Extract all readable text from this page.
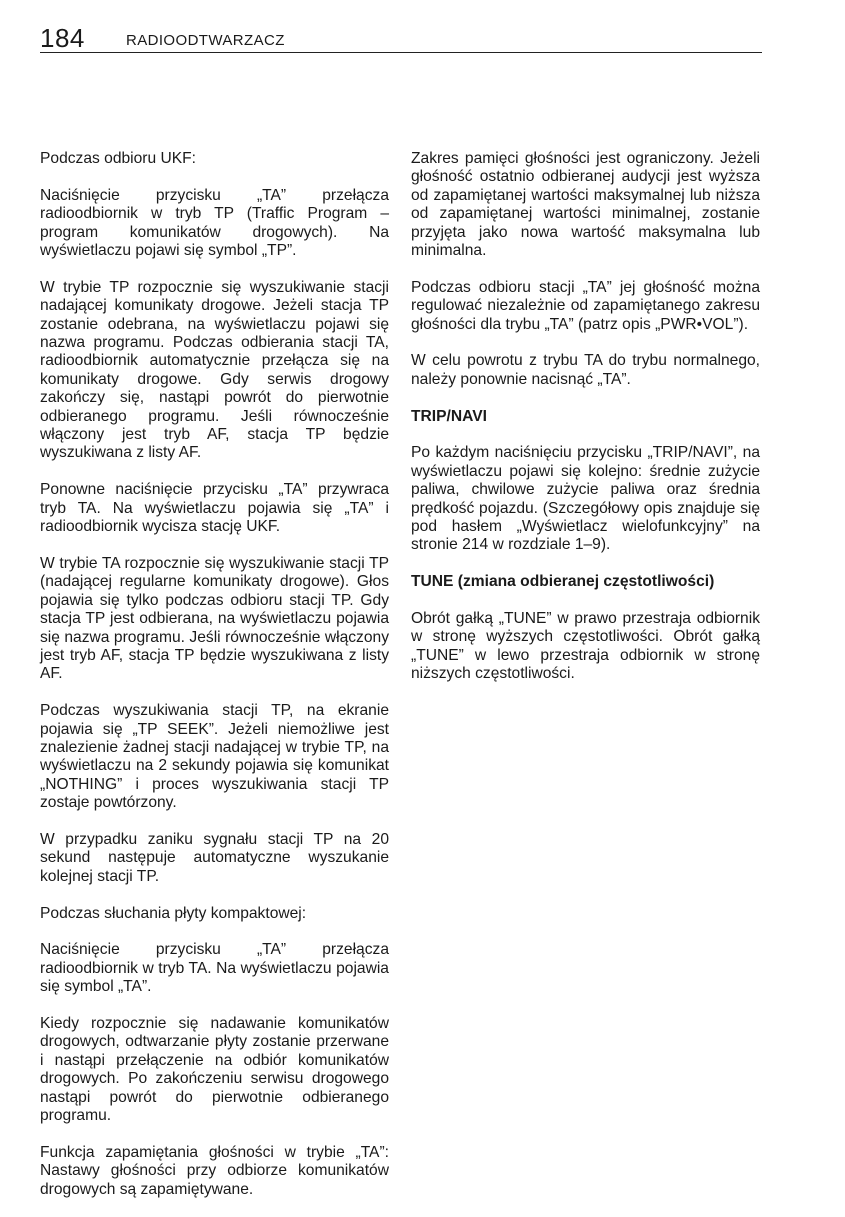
184	RADIOODTWARZACZ

Podczas odbioru UKF:

Naciśnięcie przycisku „TA” przełącza radioodbiornik w tryb TP (Traffic Program – program komunikatów drogowych). Na wyświetlaczu pojawi się symbol „TP”.

W trybie TP rozpocznie się wyszukiwanie stacji nadającej komunikaty drogowe. Jeżeli stacja TP zostanie odebrana, na wyświetlaczu pojawi się nazwa programu. Podczas odbierania stacji TA, radioodbiornik automatycznie przełącza się na komunikaty drogowe. Gdy serwis drogowy zakończy się, nastąpi powrót do pierwotnie odbieranego programu. Jeśli równocześnie włączony jest tryb AF, stacja TP będzie wyszukiwana z listy AF.

Ponowne naciśnięcie przycisku „TA” przywraca tryb TA. Na wyświetlaczu pojawia się „TA” i radioodbiornik wycisza stację UKF.

W trybie TA rozpocznie się wyszukiwanie stacji TP (nadającej regularne komunikaty drogowe). Głos pojawia się tylko podczas odbioru stacji TP. Gdy stacja TP jest odbierana, na wyświetlaczu pojawia się nazwa programu. Jeśli równocześnie włączony jest tryb AF, stacja TP będzie wyszukiwana z listy AF.

Podczas wyszukiwania stacji TP, na ekranie pojawia się „TP SEEK”. Jeżeli niemożliwe jest znalezienie żadnej stacji nadającej w trybie TP, na wyświetlaczu na 2 sekundy pojawia się komunikat „NOTHING” i proces wyszukiwania stacji TP zostaje powtórzony.

W przypadku zaniku sygnału stacji TP na 20 sekund następuje automatyczne wyszukanie kolejnej stacji TP.

Podczas słuchania płyty kompaktowej:

Naciśnięcie przycisku „TA” przełącza radioodbiornik w tryb TA. Na wyświetlaczu pojawia się symbol „TA”.

Kiedy rozpocznie się nadawanie komunikatów drogowych, odtwarzanie płyty zostanie przerwane i nastąpi przełączenie na odbiór komunikatów drogowych. Po zakończeniu serwisu drogowego nastąpi powrót do pierwotnie odbieranego programu.

Funkcja zapamiętania głośności w trybie „TA”: Nastawy głośności przy odbiorze komunikatów drogowych są zapamiętywane.

Zakres pamięci głośności jest ograniczony. Jeżeli głośność ostatnio odbieranej audycji jest wyższa od zapamiętanej wartości maksymalnej lub niższa od zapamiętanej wartości minimalnej, zostanie przyjęta jako nowa wartość maksymalna lub minimalna.

Podczas odbioru stacji „TA” jej głośność można regulować niezależnie od zapamiętanego zakresu głośności dla trybu „TA” (patrz opis „PWR•VOL”).

W celu powrotu z trybu TA do trybu normalnego, należy ponownie nacisnąć „TA”.

TRIP/NAVI

Po każdym naciśnięciu przycisku „TRIP/NAVI”, na wyświetlaczu pojawi się kolejno: średnie zużycie paliwa, chwilowe zużycie paliwa oraz średnia prędkość pojazdu. (Szczegółowy opis znajduje się pod hasłem „Wyświetlacz wielofunkcyjny” na stronie 214 w rozdziale 1–9).

TUNE (zmiana odbieranej częstotliwości)

Obrót gałką „TUNE” w prawo przestraja odbiornik w stronę wyższych częstotliwości. Obrót gałką „TUNE” w lewo przestraja odbiornik w stronę niższych częstotliwości.
